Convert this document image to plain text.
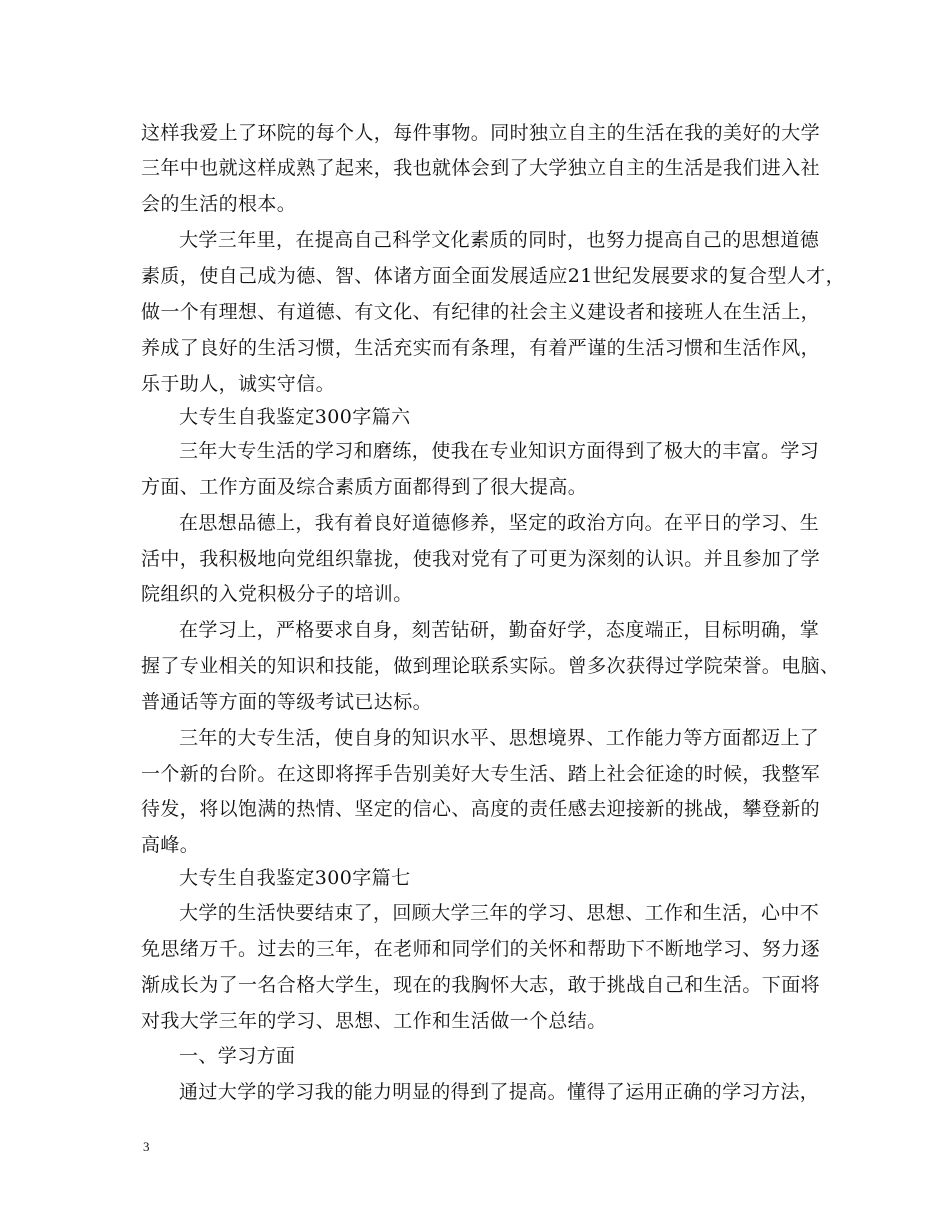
这样我爱上了环院的每个人，每件事物。同时独立自主的生活在我的美好的大学
三年中也就这样成熟了起来，我也就体会到了大学独立自主的生活是我们进入社
会的生活的根本。
大学三年里，在提高自己科学文化素质的同时，也努力提高自己的思想道德
素质，使自己成为德、智、体诸方面全面发展适应21世纪发展要求的复合型人才，
做一个有理想、有道德、有文化、有纪律的社会主义建设者和接班人在生活上，
养成了良好的生活习惯，生活充实而有条理，有着严谨的生活习惯和生活作风，
乐于助人，诚实守信。
大专生自我鉴定300字篇六
三年大专生活的学习和磨练，使我在专业知识方面得到了极大的丰富。学习
方面、工作方面及综合素质方面都得到了很大提高。
在思想品德上，我有着良好道德修养，坚定的政治方向。在平日的学习、生
活中，我积极地向党组织靠拢，使我对党有了可更为深刻的认识。并且参加了学
院组织的入党积极分子的培训。
在学习上，严格要求自身，刻苦钻研，勤奋好学，态度端正，目标明确，掌
握了专业相关的知识和技能，做到理论联系实际。曾多次获得过学院荣誉。电脑、
普通话等方面的等级考试已达标。
三年的大专生活，使自身的知识水平、思想境界、工作能力等方面都迈上了
一个新的台阶。在这即将挥手告别美好大专生活、踏上社会征途的时候，我整军
待发，将以饱满的热情、坚定的信心、高度的责任感去迎接新的挑战，攀登新的
高峰。
大专生自我鉴定300字篇七
大学的生活快要结束了，回顾大学三年的学习、思想、工作和生活，心中不
免思绪万千。过去的三年，在老师和同学们的关怀和帮助下不断地学习、努力逐
渐成长为了一名合格大学生，现在的我胸怀大志，敢于挑战自己和生活。下面将
对我大学三年的学习、思想、工作和生活做一个总结。
一、学习方面
通过大学的学习我的能力明显的得到了提高。懂得了运用正确的学习方法，
3
